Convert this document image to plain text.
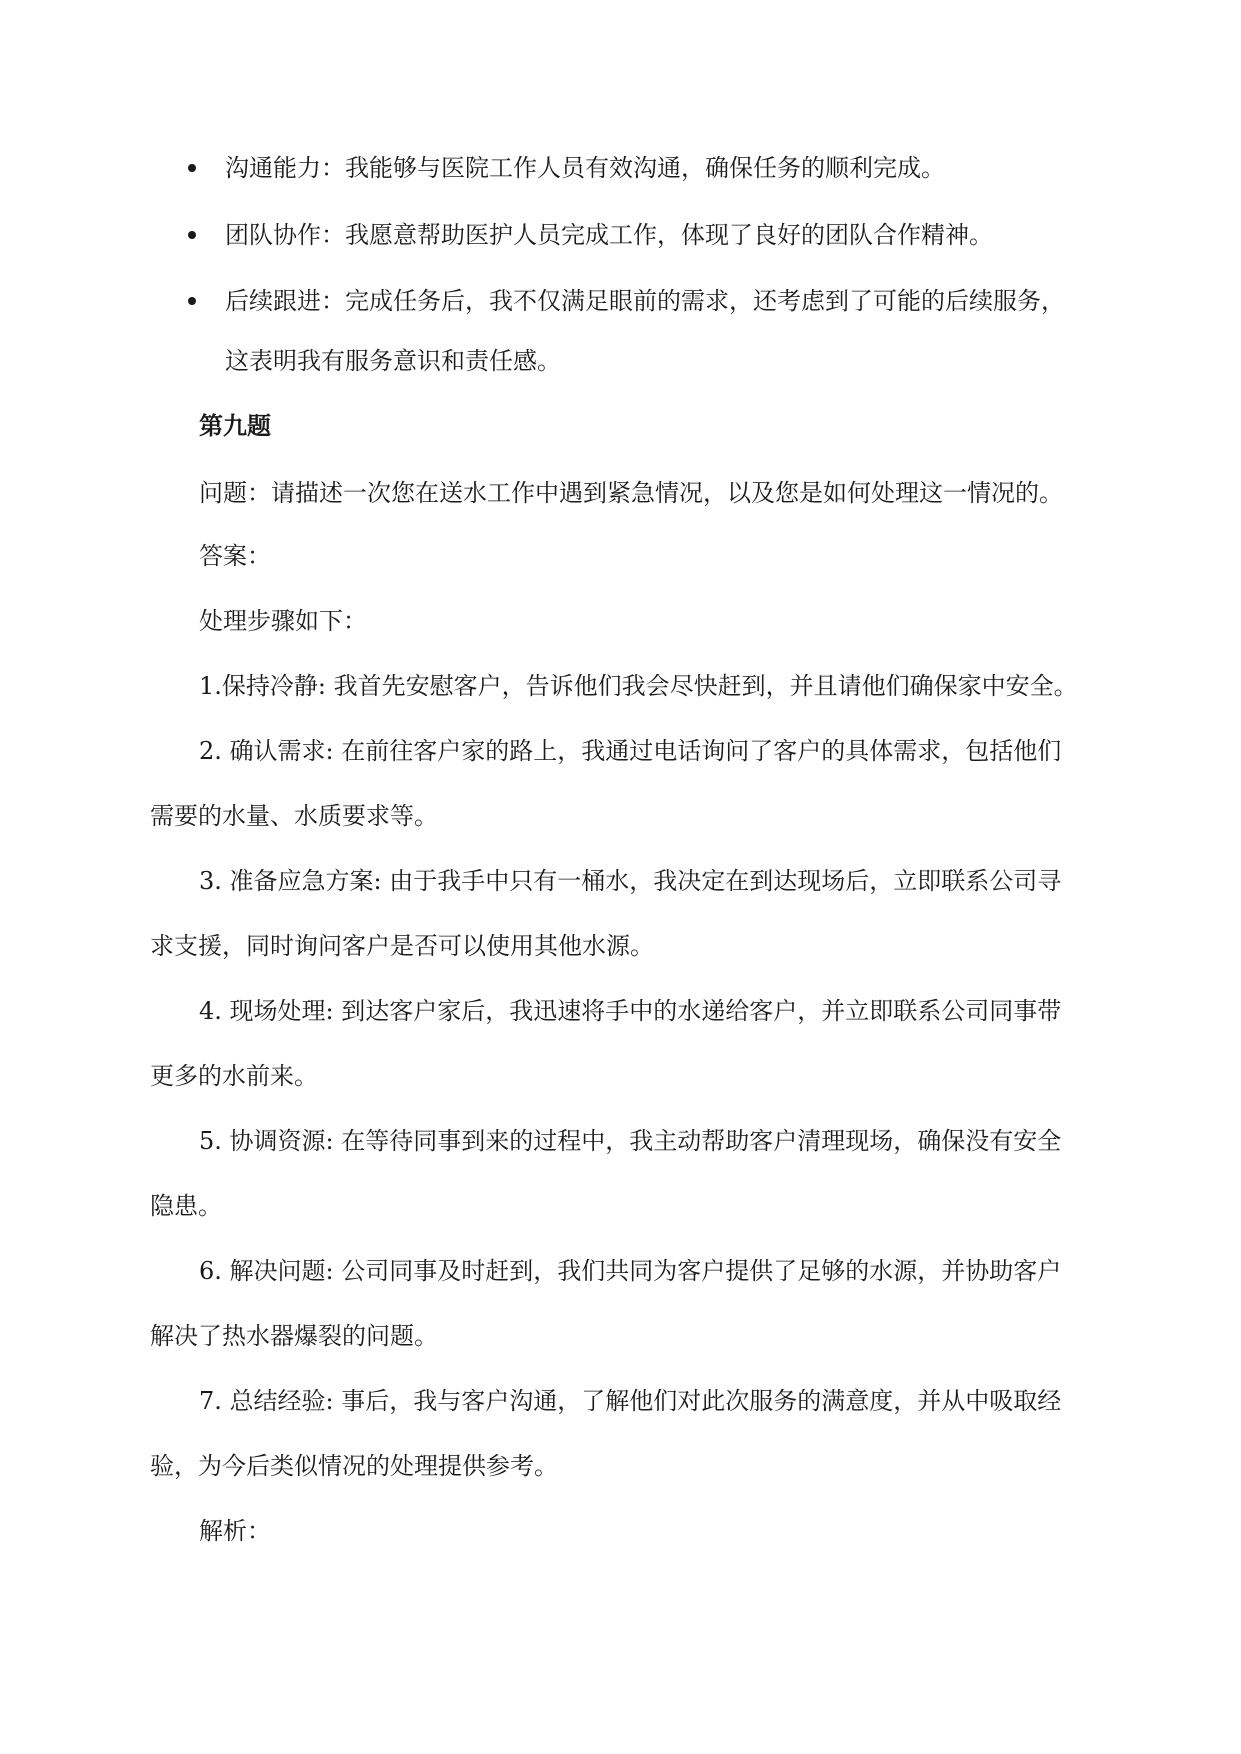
沟通能力：我能够与医院工作人员有效沟通，确保任务的顺利完成。
团队协作：我愿意帮助医护人员完成工作，体现了良好的团队合作精神。
后续跟进：完成任务后，我不仅满足眼前的需求，还考虑到了可能的后续服务，
这表明我有服务意识和责任感。
第九题
问题：请描述一次您在送水工作中遇到紧急情况，以及您是如何处理这一情况的。
答案：
处理步骤如下：
1.保持冷静: 我首先安慰客户，告诉他们我会尽快赶到，并且请他们确保家中安全。
2. 确认需求: 在前往客户家的路上，我通过电话询问了客户的具体需求，包括他们
需要的水量、水质要求等。
3. 准备应急方案: 由于我手中只有一桶水，我决定在到达现场后，立即联系公司寻
求支援，同时询问客户是否可以使用其他水源。
4. 现场处理: 到达客户家后，我迅速将手中的水递给客户，并立即联系公司同事带
更多的水前来。
5. 协调资源: 在等待同事到来的过程中，我主动帮助客户清理现场，确保没有安全
隐患。
6. 解决问题: 公司同事及时赶到，我们共同为客户提供了足够的水源，并协助客户
解决了热水器爆裂的问题。
7. 总结经验: 事后，我与客户沟通，了解他们对此次服务的满意度，并从中吸取经
验，为今后类似情况的处理提供参考。
解析：
